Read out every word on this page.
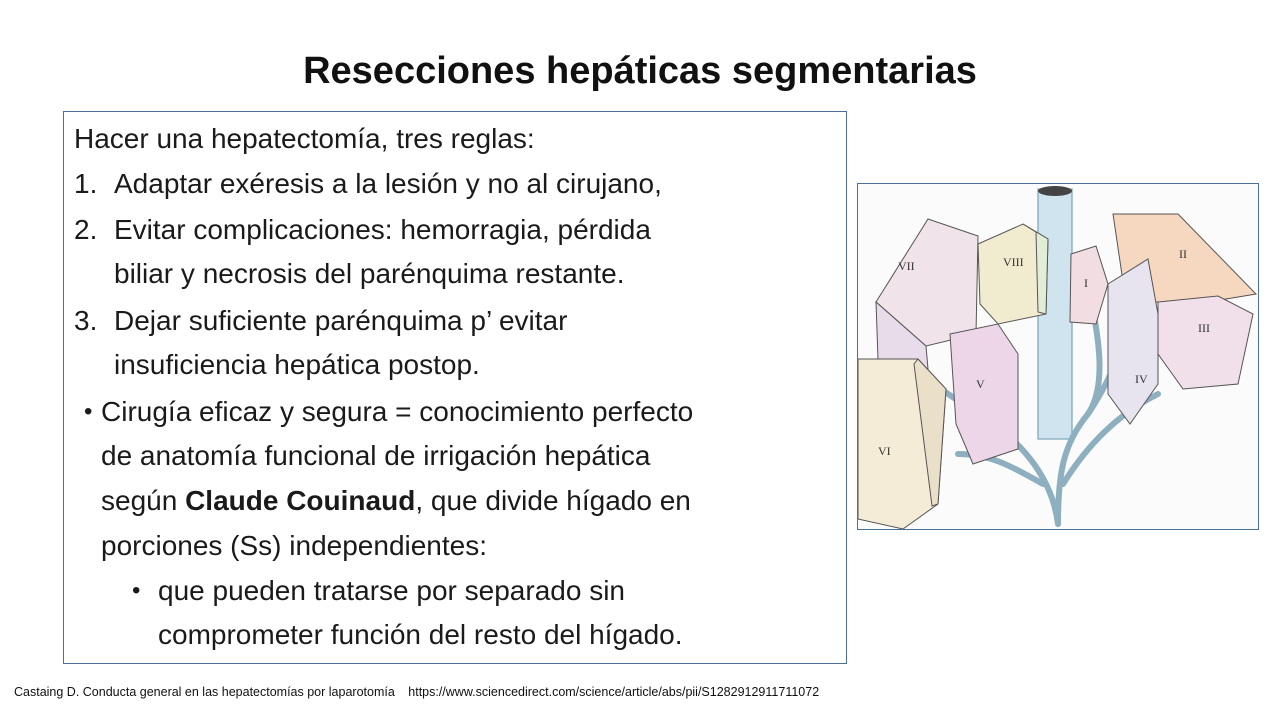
Resecciones hepáticas segmentarias
Hacer una hepatectomía, tres reglas:
1. Adaptar exéresis a la lesión y no al cirujano,
2. Evitar complicaciones: hemorragia, pérdida
biliar y necrosis del parénquima restante.
3. Dejar suficiente parénquima p’ evitar
insuficiencia hepática postop.
• Cirugía eficaz y segura = conocimiento perfecto
de anatomía funcional de irrigación hepática
según Claude Couinaud, que divide hígado en
porciones (Ss) independientes:
• que pueden tratarse por separado sin
comprometer función del resto del hígado.
VII	VIII
I
II
III
IV
V
VI
Castaing D. Conducta general en las hepatectomías por laparotomía https://www.sciencedirect.com/science/article/abs/pii/S1282912911711072
